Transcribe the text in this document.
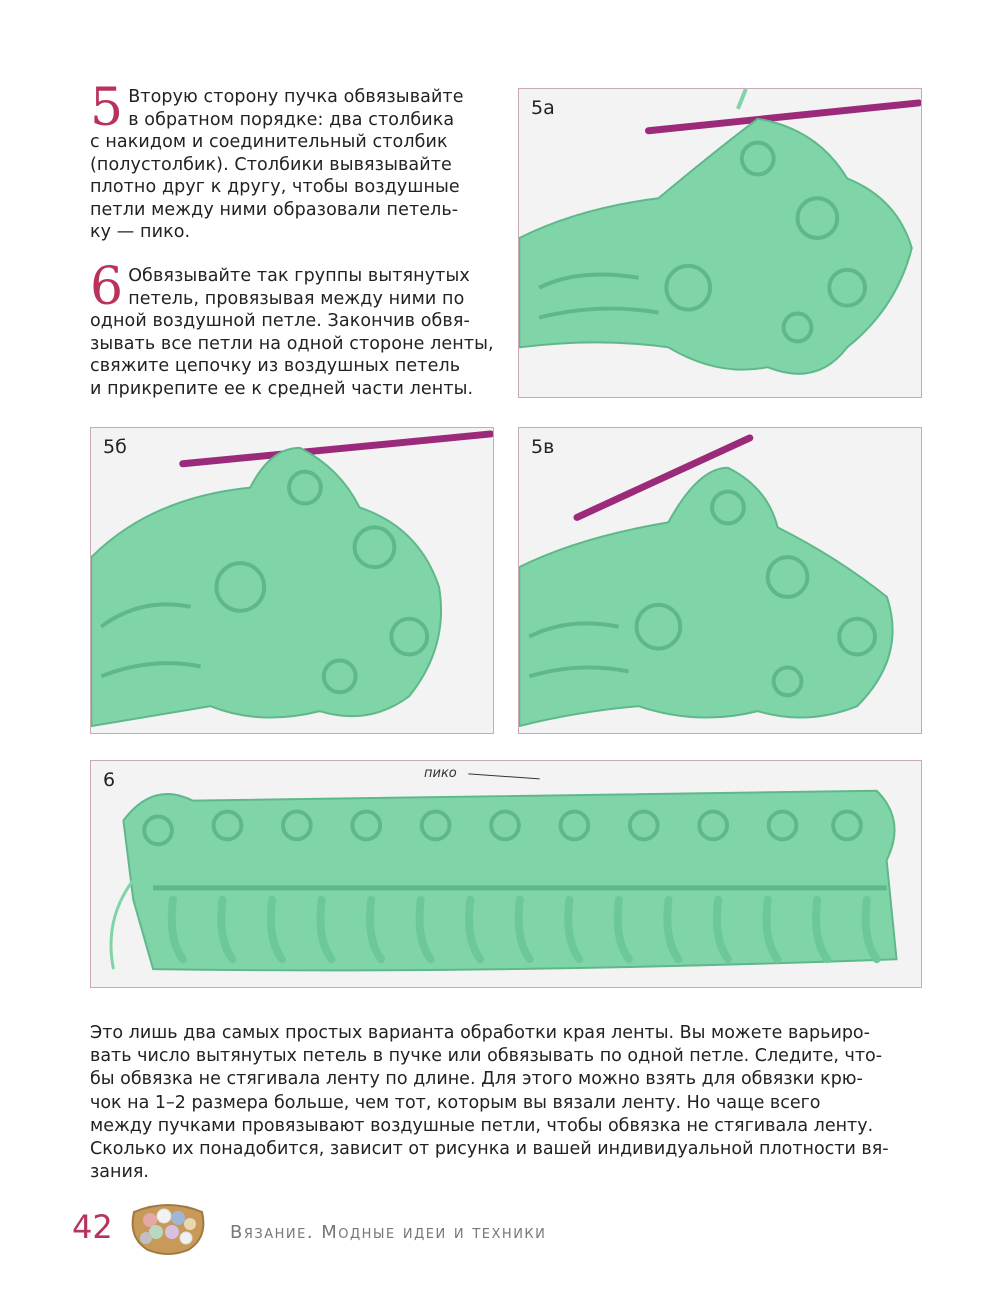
5 Вторую сторону пучка обвязывайте

в обратном порядке: два столбика

с накидом и соединительный столбик

(полустолбик). Столбики вывязывайте

плотно друг к другу, чтобы воздушные

петли между ними образовали петель-

ку — пико.

6 Обвязывайте так группы вытянутых

петель, провязывая между ними по

одной воздушной петле. Закончив обвя-

зывать все петли на одной стороне ленты,

свяжите цепочку из воздушных петель

и прикрепите ее к средней части ленты.

5а
5б	5в
6	пико
Это лишь два самых простых варианта обработки края ленты. Вы можете варьиро-
вать число вытянутых петель в пучке или обвязывать по одной петле. Следите, что-
бы обвязка не стягивала ленту по длине. Для этого можно взять для обвязки крю-
чок на 1–2 размера больше, чем тот, которым вы вязали ленту. Но чаще всего
между пучками провязывают воздушные петли, чтобы обвязка не стягивала ленту.
Сколько их понадобится, зависит от рисунка и вашей индивидуальной плотности вя-
зания.
42	Вязание. Модные идеи и техники
